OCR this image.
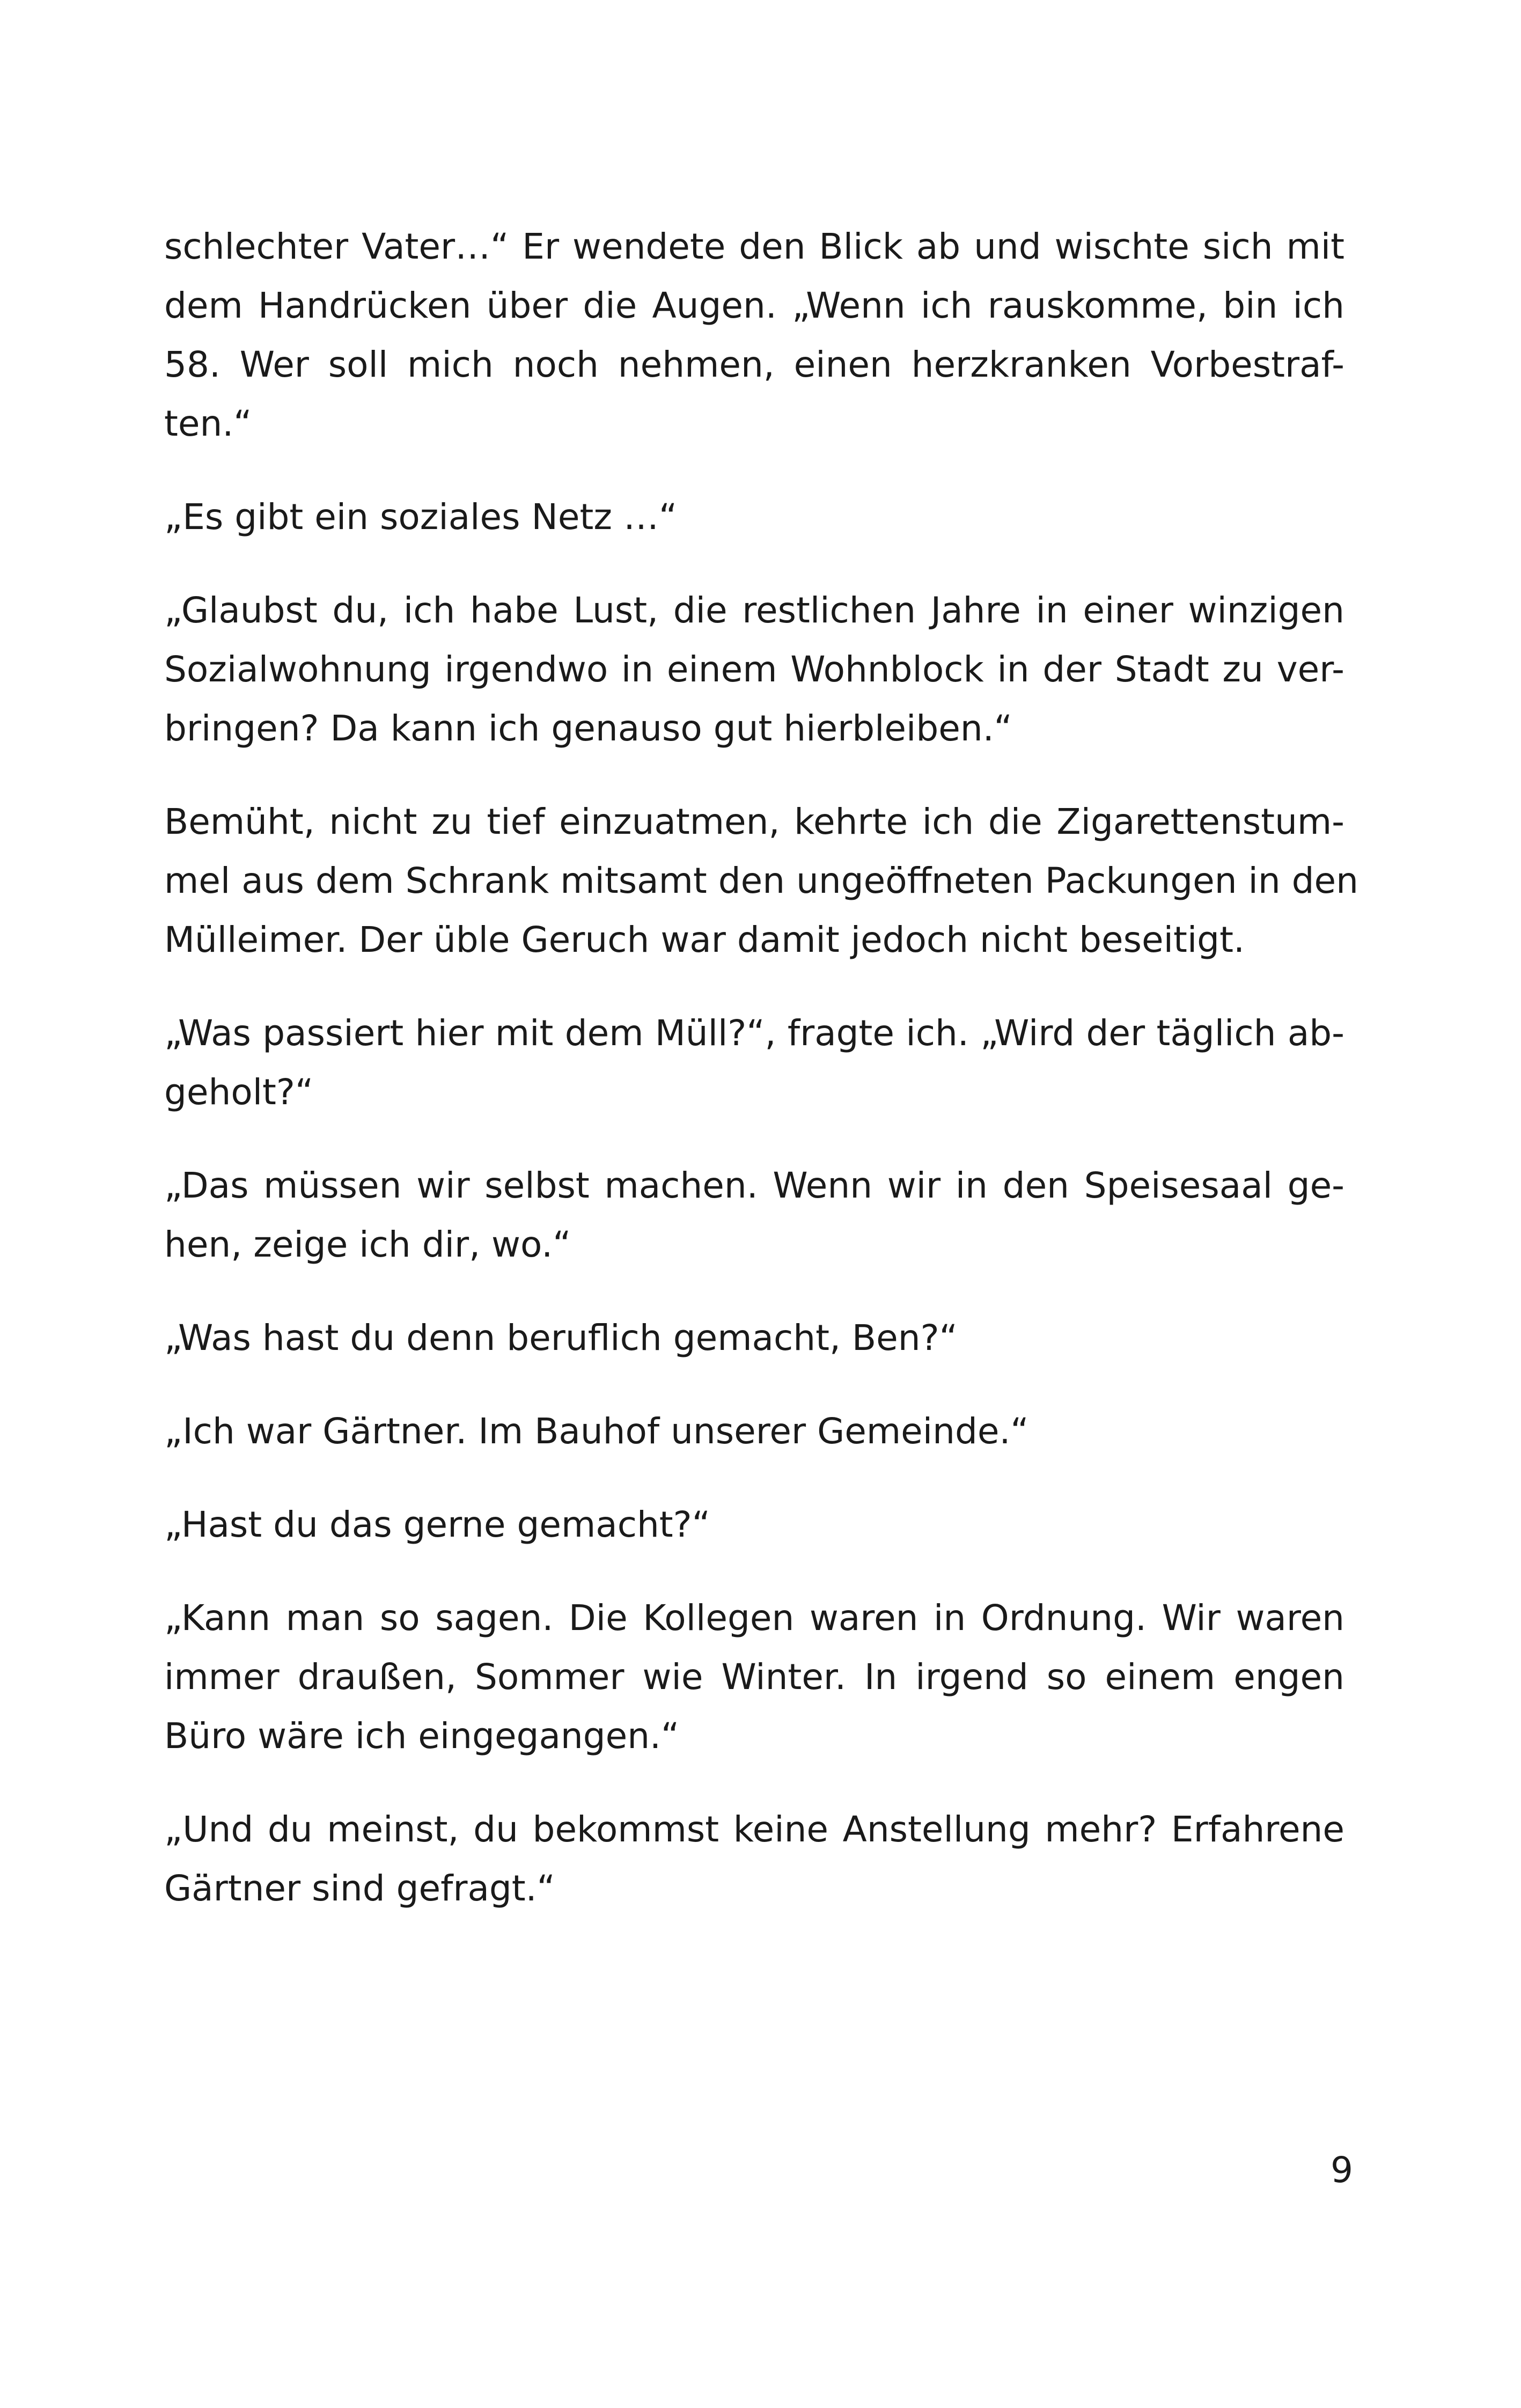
schlechter Vater…“ Er wendete den Blick ab und wischte sich mit
dem Handrücken über die Augen. „Wenn ich rauskomme, bin ich
58. Wer soll mich noch nehmen, einen herzkranken Vorbestraf-
ten.“

„Es gibt ein soziales Netz …“

„Glaubst du, ich habe Lust, die restlichen Jahre in einer winzigen
Sozialwohnung irgendwo in einem Wohnblock in der Stadt zu ver-
bringen? Da kann ich genauso gut hierbleiben.“

Bemüht, nicht zu tief einzuatmen, kehrte ich die Zigarettenstum-
mel aus dem Schrank mitsamt den ungeöffneten Packungen in den
Mülleimer. Der üble Geruch war damit jedoch nicht beseitigt.

„Was passiert hier mit dem Müll?“, fragte ich. „Wird der täglich ab-
geholt?“

„Das müssen wir selbst machen. Wenn wir in den Speisesaal ge-
hen, zeige ich dir, wo.“

„Was hast du denn beruflich gemacht, Ben?“

„Ich war Gärtner. Im Bauhof unserer Gemeinde.“

„Hast du das gerne gemacht?“

„Kann man so sagen. Die Kollegen waren in Ordnung. Wir waren
immer draußen, Sommer wie Winter. In irgend so einem engen
Büro wäre ich eingegangen.“

„Und du meinst, du bekommst keine Anstellung mehr? Erfahrene
Gärtner sind gefragt.“

9
